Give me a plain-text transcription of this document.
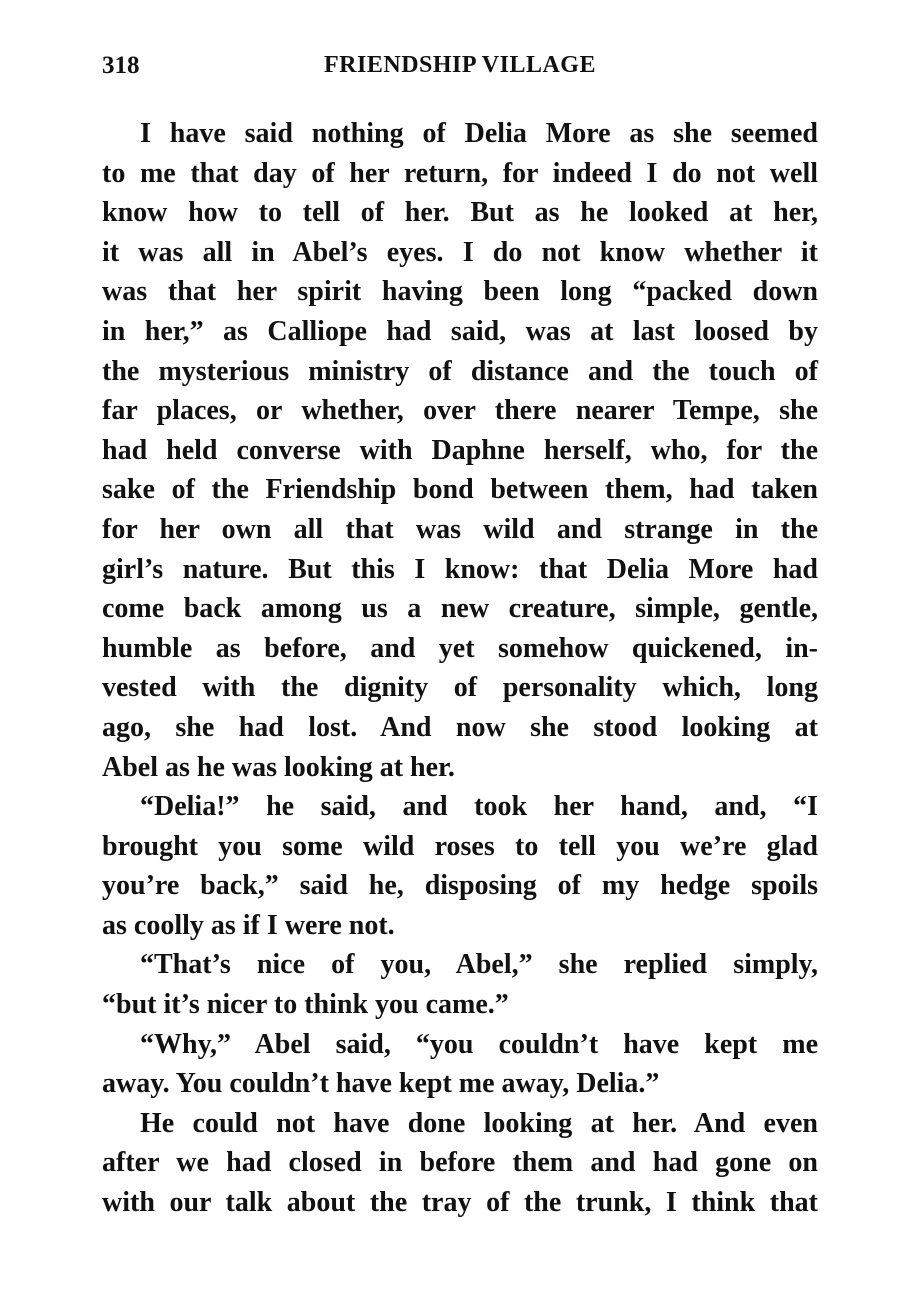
318	FRIENDSHIP VILLAGE
I have said nothing of Delia More as she seemed
to me that day of her return, for indeed I do not well
know how to tell of her. But as he looked at her,
it was all in Abel’s eyes. I do not know whether it
was that her spirit having been long “packed down
in her,” as Calliope had said, was at last loosed by
the mysterious ministry of distance and the touch of
far places, or whether, over there nearer Tempe, she
had held converse with Daphne herself, who, for the
sake of the Friendship bond between them, had taken
for her own all that was wild and strange in the
girl’s nature. But this I know: that Delia More had
come back among us a new creature, simple, gentle,
humble as before, and yet somehow quickened, in-
vested with the dignity of personality which, long
ago, she had lost. And now she stood looking at
Abel as he was looking at her.
“Delia!” he said, and took her hand, and, “I
brought you some wild roses to tell you we’re glad
you’re back,” said he, disposing of my hedge spoils
as coolly as if I were not.
“That’s nice of you, Abel,” she replied simply,
“but it’s nicer to think you came.”
“Why,” Abel said, “you couldn’t have kept me
away. You couldn’t have kept me away, Delia.”
He could not have done looking at her. And even
after we had closed in before them and had gone on
with our talk about the tray of the trunk, I think that
